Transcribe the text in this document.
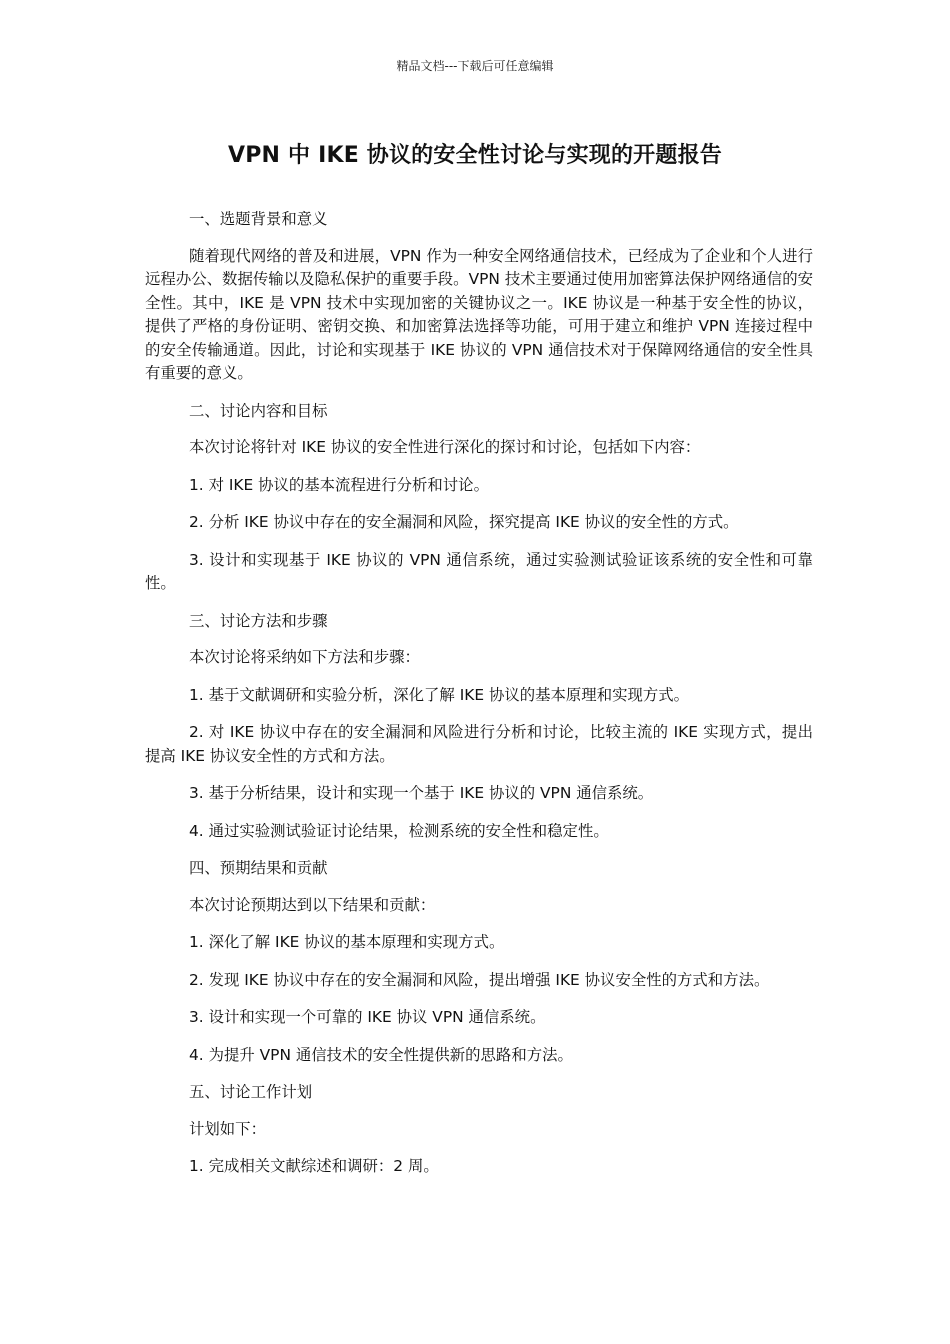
精品文档---下载后可任意编辑
VPN 中 IKE 协议的安全性讨论与实现的开题报告

一、选题背景和意义

随着现代网络的普及和进展，VPN 作为一种安全网络通信技术，已经成为了企业和个人进行远程办公、数据传输以及隐私保护的重要手段。VPN 技术主要通过使用加密算法保护网络通信的安全性。其中，IKE 是 VPN 技术中实现加密的关键协议之一。IKE 协议是一种基于安全性的协议，提供了严格的身份证明、密钥交换、和加密算法选择等功能，可用于建立和维护 VPN 连接过程中的安全传输通道。因此，讨论和实现基于 IKE 协议的 VPN 通信技术对于保障网络通信的安全性具有重要的意义。

二、讨论内容和目标

本次讨论将针对 IKE 协议的安全性进行深化的探讨和讨论，包括如下内容：

1. 对 IKE 协议的基本流程进行分析和讨论。

2. 分析 IKE 协议中存在的安全漏洞和风险，探究提高 IKE 协议的安全性的方式。

3. 设计和实现基于 IKE 协议的 VPN 通信系统，通过实验测试验证该系统的安全性和可靠性。

三、讨论方法和步骤

本次讨论将采纳如下方法和步骤：

1. 基于文献调研和实验分析，深化了解 IKE 协议的基本原理和实现方式。

2. 对 IKE 协议中存在的安全漏洞和风险进行分析和讨论，比较主流的 IKE 实现方式，提出提高 IKE 协议安全性的方式和方法。

3. 基于分析结果，设计和实现一个基于 IKE 协议的 VPN 通信系统。

4. 通过实验测试验证讨论结果，检测系统的安全性和稳定性。

四、预期结果和贡献

本次讨论预期达到以下结果和贡献：

1. 深化了解 IKE 协议的基本原理和实现方式。

2. 发现 IKE 协议中存在的安全漏洞和风险，提出增强 IKE 协议安全性的方式和方法。

3. 设计和实现一个可靠的 IKE 协议 VPN 通信系统。

4. 为提升 VPN 通信技术的安全性提供新的思路和方法。

五、讨论工作计划

计划如下：

1. 完成相关文献综述和调研：2 周。
